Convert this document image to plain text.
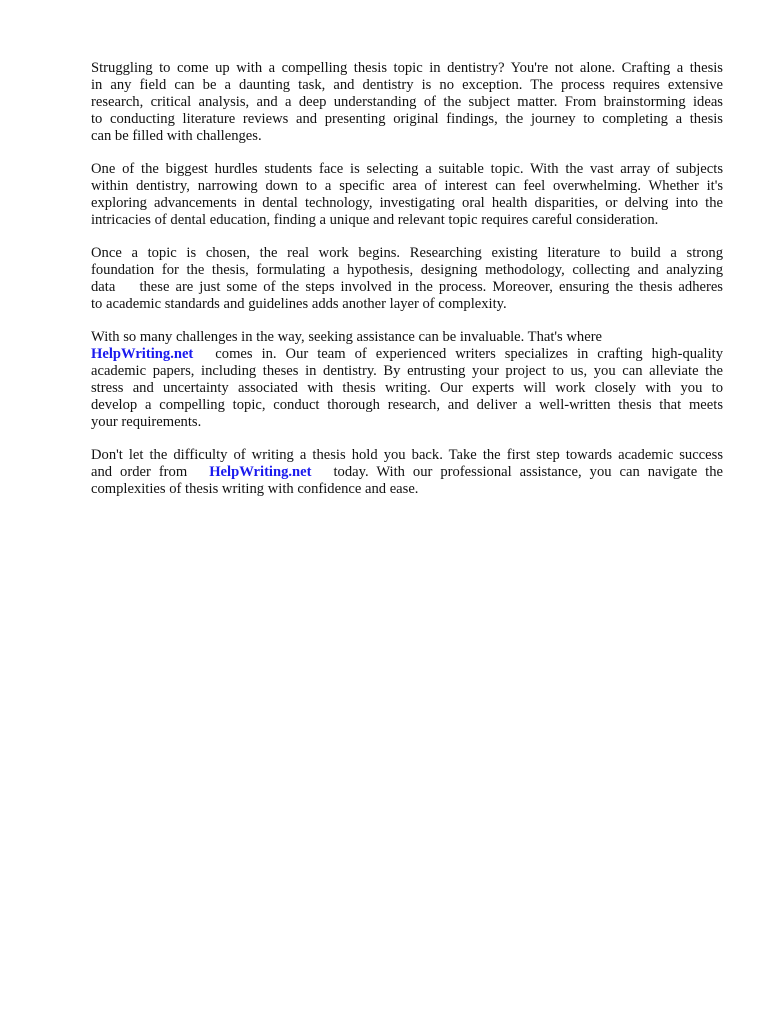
Struggling to come up with a compelling thesis topic in dentistry? You're not alone. Crafting a thesis
in any field can be a daunting task, and dentistry is no exception. The process requires extensive
research, critical analysis, and a deep understanding of the subject matter. From brainstorming ideas
to conducting literature reviews and presenting original findings, the journey to completing a thesis
can be filled with challenges.

One of the biggest hurdles students face is selecting a suitable topic. With the vast array of subjects
within dentistry, narrowing down to a specific area of interest can feel overwhelming. Whether it's
exploring advancements in dental technology, investigating oral health disparities, or delving into the
intricacies of dental education, finding a unique and relevant topic requires careful consideration.

Once a topic is chosen, the real work begins. Researching existing literature to build a strong
foundation for the thesis, formulating a hypothesis, designing methodology, collecting and analyzing
data    these are just some of the steps involved in the process. Moreover, ensuring the thesis adheres
to academic standards and guidelines adds another layer of complexity.

With so many challenges in the way, seeking assistance can be invaluable. That's where
HelpWriting.net comes in. Our team of experienced writers specializes in crafting high-quality
academic papers, including theses in dentistry. By entrusting your project to us, you can alleviate the
stress and uncertainty associated with thesis writing. Our experts will work closely with you to
develop a compelling topic, conduct thorough research, and deliver a well-written thesis that meets
your requirements.

Don't let the difficulty of writing a thesis hold you back. Take the first step towards academic success
and order from HelpWriting.net today. With our professional assistance, you can navigate the
complexities of thesis writing with confidence and ease.
